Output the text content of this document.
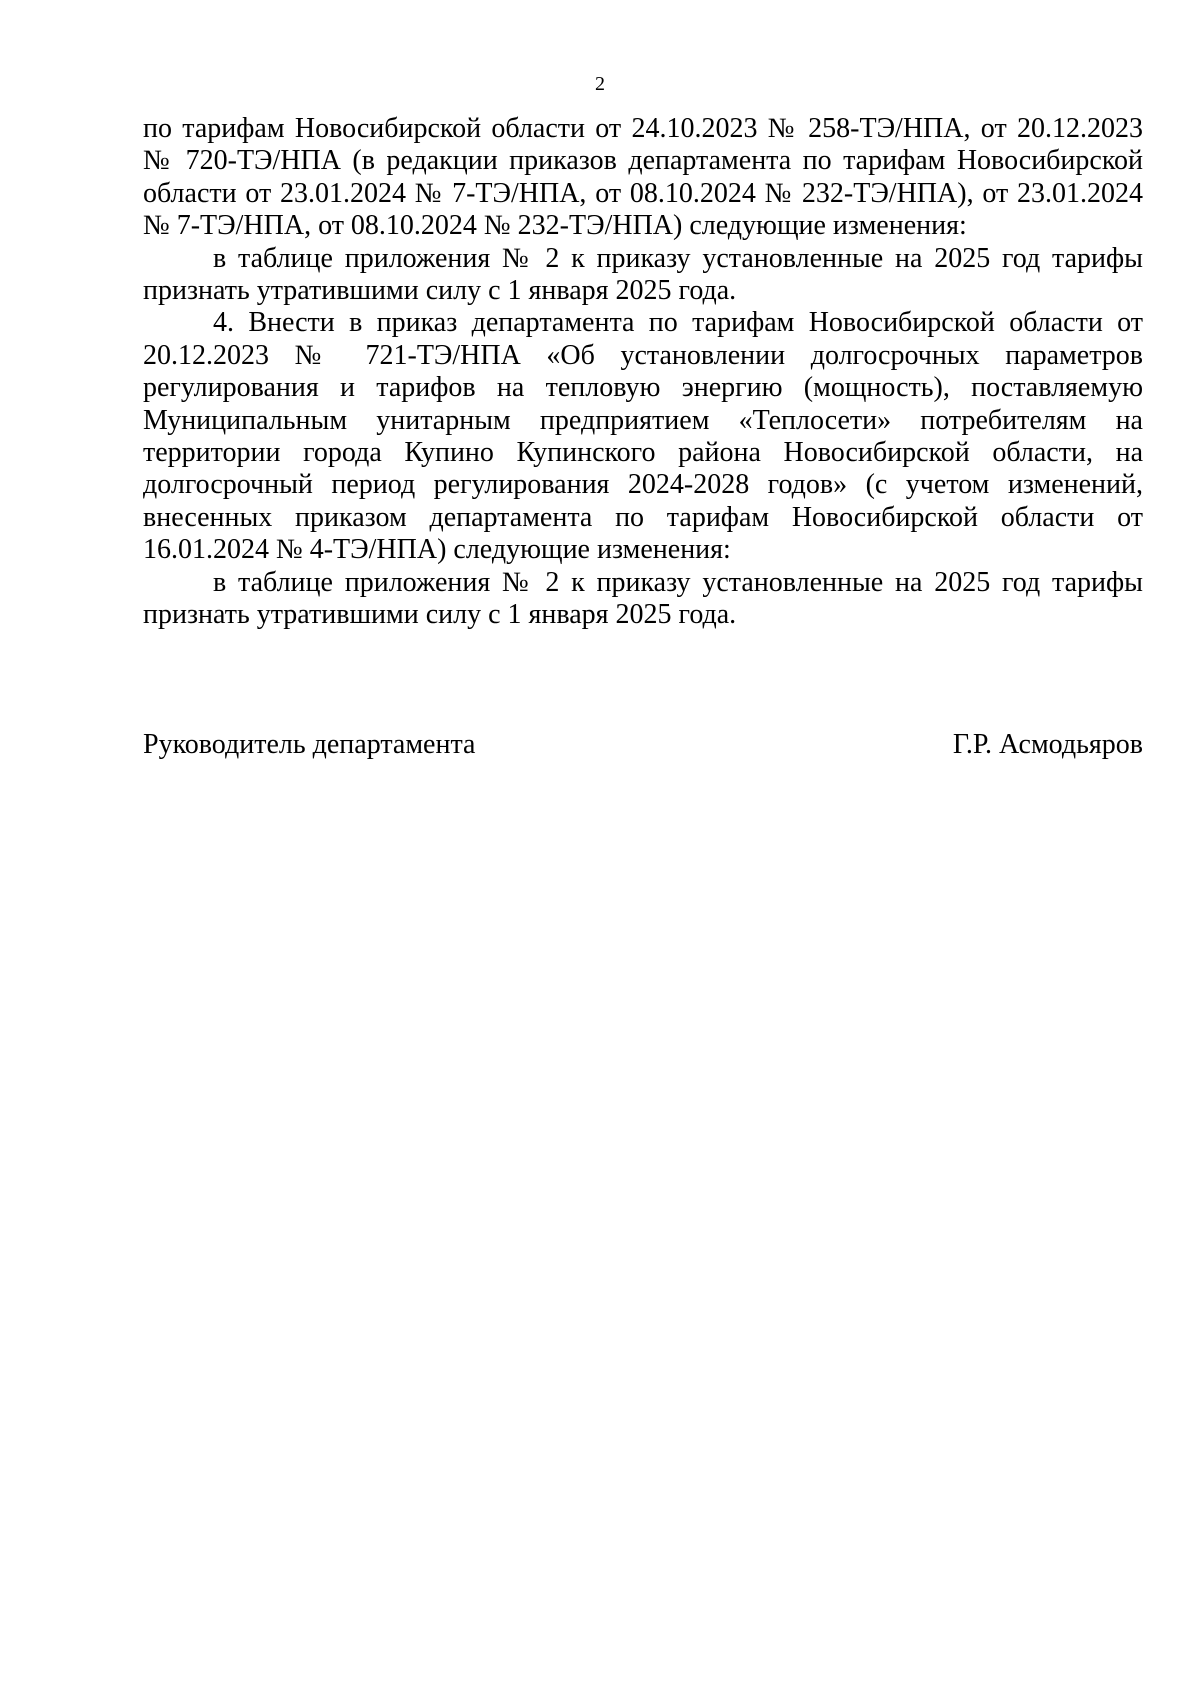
2

по тарифам Новосибирской области от 24.10.2023 № 258-ТЭ/НПА, от 20.12.2023 № 720-ТЭ/НПА (в редакции приказов департамента по тарифам Новосибирской области от 23.01.2024 № 7-ТЭ/НПА, от 08.10.2024 № 232-ТЭ/НПА), от 23.01.2024 № 7-ТЭ/НПА, от 08.10.2024 № 232-ТЭ/НПА) следующие изменения:

в таблице приложения № 2 к приказу установленные на 2025 год тарифы признать утратившими силу с 1 января 2025 года.

4. Внести в приказ департамента по тарифам Новосибирской области от 20.12.2023 № 721-ТЭ/НПА «Об установлении долгосрочных параметров регулирования и тарифов на тепловую энергию (мощность), поставляемую Муниципальным унитарным предприятием «Теплосети» потребителям на территории города Купино Купинского района Новосибирской области, на долгосрочный период регулирования 2024-2028 годов» (с учетом изменений, внесенных приказом департамента по тарифам Новосибирской области от 16.01.2024 № 4-ТЭ/НПА) следующие изменения:

в таблице приложения № 2 к приказу установленные на 2025 год тарифы признать утратившими силу с 1 января 2025 года.

Руководитель департамента	Г.Р. Асмодьяров
